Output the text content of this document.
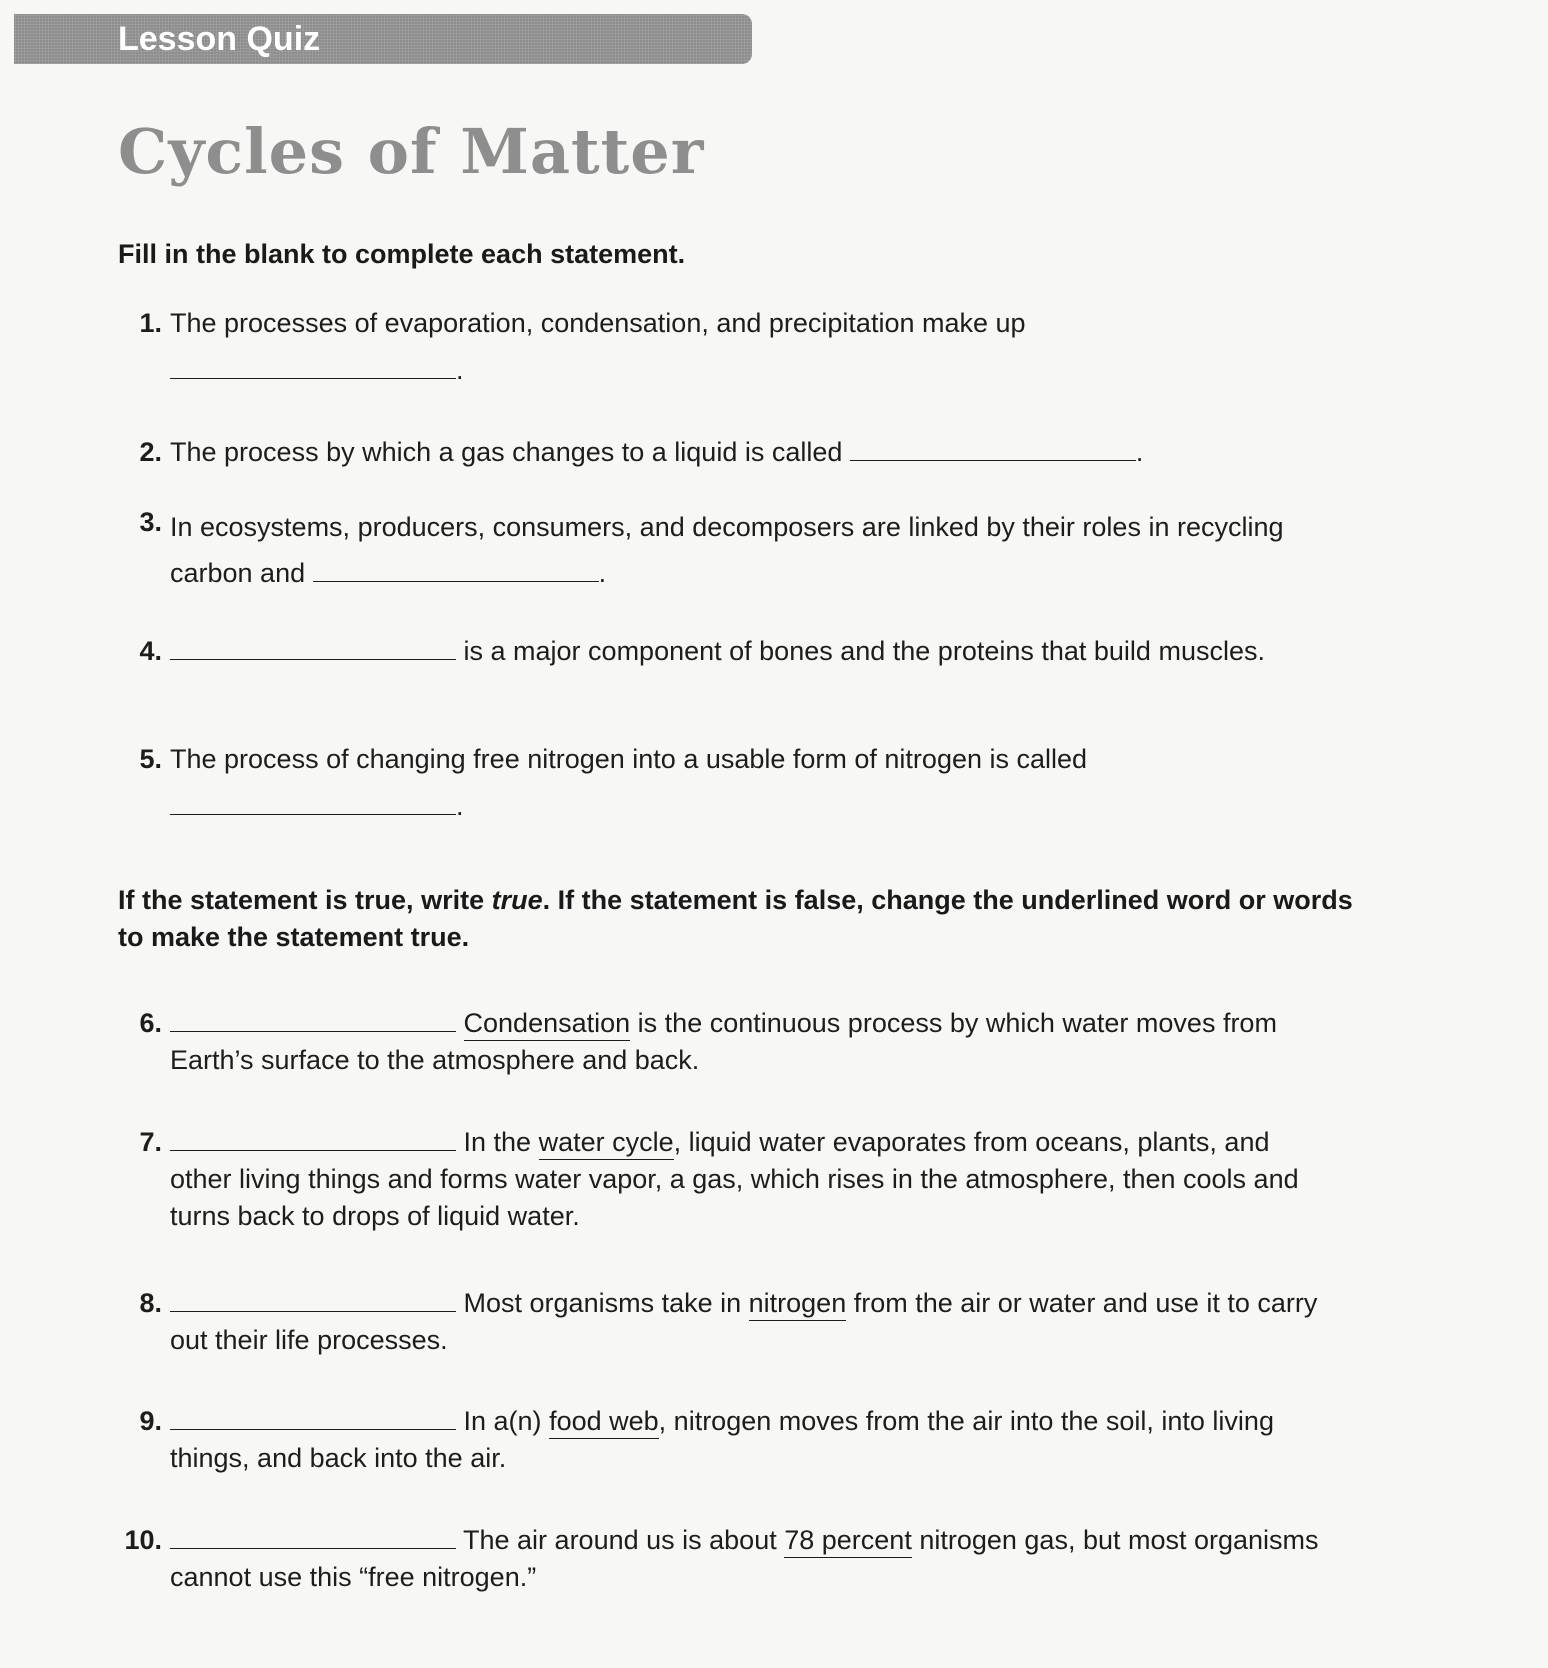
Lesson Quiz
Cycles of Matter
Fill in the blank to complete each statement.
1. The processes of evaporation, condensation, and precipitation make up
.
2. The process by which a gas changes to a liquid is called	.
3. In ecosystems, producers, consumers, and decomposers are linked by their roles in recycling carbon and	.
4.	is a major component of bones and the proteins that build muscles.
5. The process of changing free nitrogen into a usable form of nitrogen is called
.
If the statement is true, write true. If the statement is false, change the underlined word or words to make the statement true.
6.	Condensation is the continuous process by which water moves from Earth’s surface to the atmosphere and back.
7.	In the water cycle, liquid water evaporates from oceans, plants, and other living things and forms water vapor, a gas, which rises in the atmosphere, then cools and turns back to drops of liquid water.
8.	Most organisms take in nitrogen from the air or water and use it to carry out their life processes.
9.	In a(n) food web, nitrogen moves from the air into the soil, into living things, and back into the air.
10.	The air around us is about 78 percent nitrogen gas, but most organisms cannot use this “free nitrogen.”
